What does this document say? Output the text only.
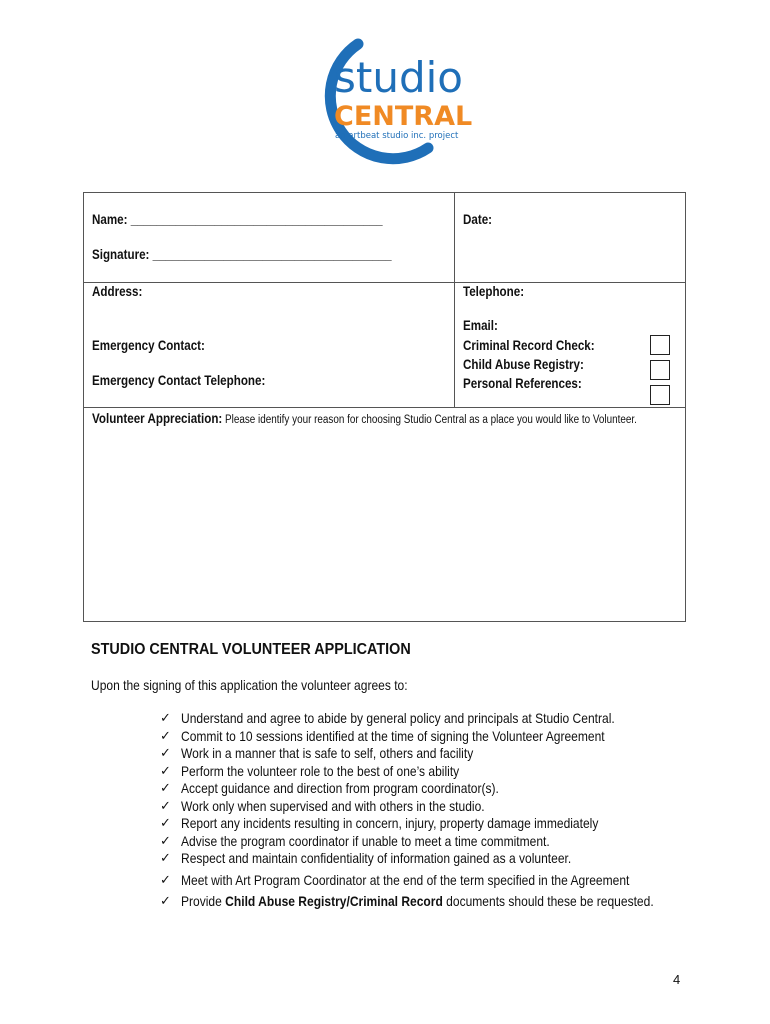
studio
CENTRAL
an artbeat studio inc. project
Name: _______________________________________	Date:
Signature: _____________________________________
Address:	Telephone:
Email:
Emergency Contact:
Emergency Contact Telephone:
Criminal Record Check:
Child Abuse Registry:
Personal References:
Volunteer Appreciation: Please identify your reason for choosing Studio Central as a place you would like to Volunteer.
STUDIO CENTRAL VOLUNTEER APPLICATION
Upon the signing of this application the volunteer agrees to:
✓ Understand and agree to abide by general policy and principals at Studio Central.
✓ Commit to 10 sessions identified at the time of signing the Volunteer Agreement
✓ Work in a manner that is safe to self, others and facility
✓ Perform the volunteer role to the best of one’s ability
✓ Accept guidance and direction from program coordinator(s).
✓ Work only when supervised and with others in the studio.
✓ Report any incidents resulting in concern, injury, property damage immediately
✓ Advise the program coordinator if unable to meet a time commitment.
✓ Respect and maintain confidentiality of information gained as a volunteer.
✓ Meet with Art Program Coordinator at the end of the term specified in the Agreement
✓ Provide Child Abuse Registry/Criminal Record documents should these be requested.
4
